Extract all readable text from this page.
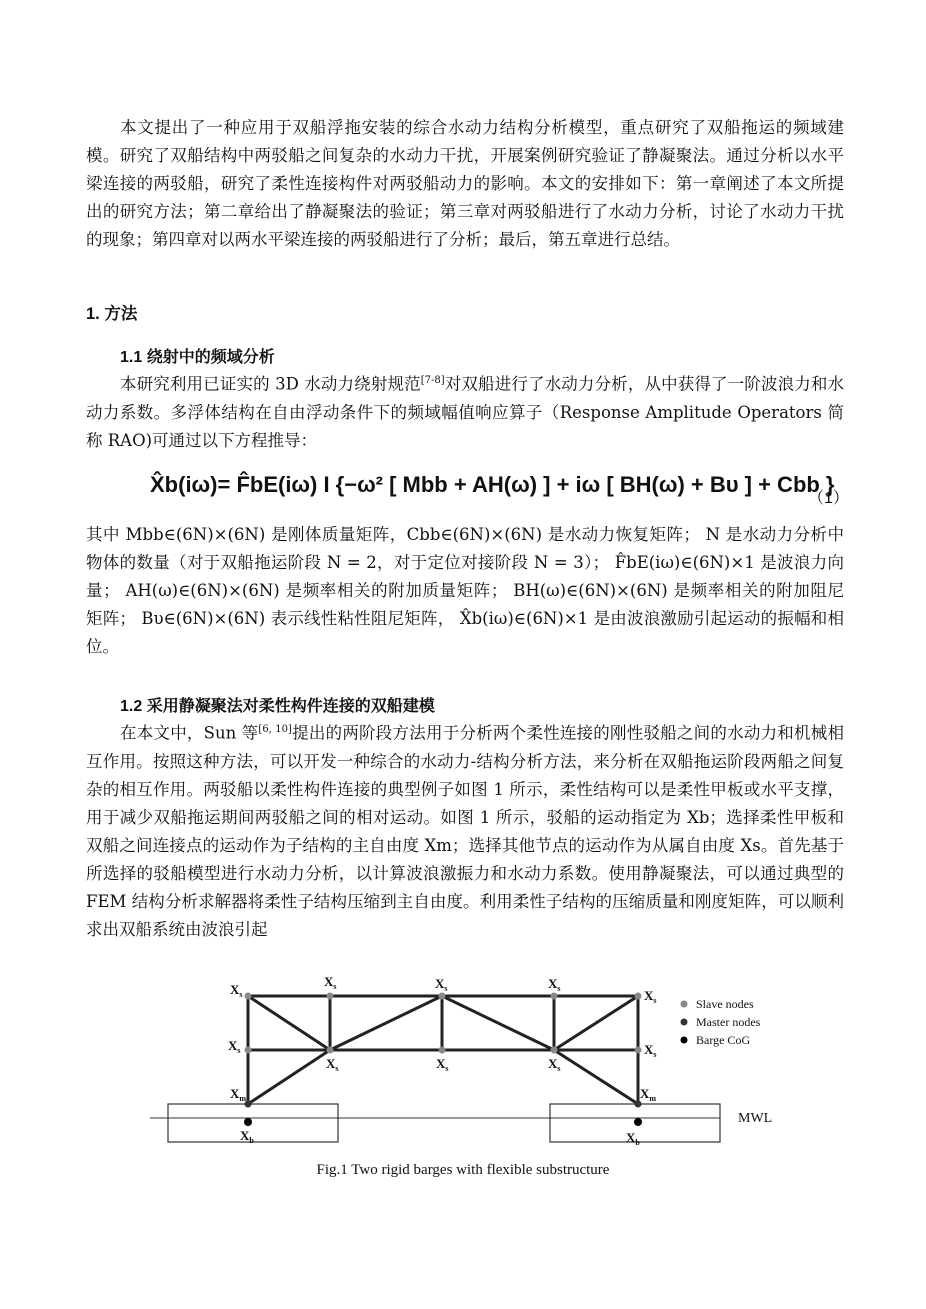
本文提出了一种应用于双船浮拖安装的综合水动力结构分析模型，重点研究了双船拖运的频域建模。研究了双船结构中两驳船之间复杂的水动力干扰，开展案例研究验证了静凝聚法。通过分析以水平梁连接的两驳船，研究了柔性连接构件对两驳船动力的影响。本文的安排如下：第一章阐述了本文所提出的研究方法；第二章给出了静凝聚法的验证；第三章对两驳船进行了水动力分析，讨论了水动力干扰的现象；第四章对以两水平梁连接的两驳船进行了分析；最后，第五章进行总结。
1. 方法
1.1 绕射中的频域分析
本研究利用已证实的 3D 水动力绕射规范[7-8]对双船进行了水动力分析，从中获得了一阶波浪力和水动力系数。多浮体结构在自由浮动条件下的频域幅值响应算子（Response Amplitude Operators 简称 RAO)可通过以下方程推导：
X̂b(iω)= F̂bE(iω) I {−ω² [ Mbb + AH(ω) ] + iω [ BH(ω) + Bυ ] + Cbb }
（1）
其中 Mbb∈(6N)×(6N) 是刚体质量矩阵，Cbb∈(6N)×(6N) 是水动力恢复矩阵； N 是水动力分析中物体的数量（对于双船拖运阶段 N = 2，对于定位对接阶段 N = 3）； F̂bE(iω)∈(6N)×1 是波浪力向量； AH(ω)∈(6N)×(6N) 是频率相关的附加质量矩阵； BH(ω)∈(6N)×(6N) 是频率相关的附加阻尼矩阵； Bυ∈(6N)×(6N) 表示线性粘性阻尼矩阵， X̂b(iω)∈(6N)×1 是由波浪激励引起运动的振幅和相位。
1.2 采用静凝聚法对柔性构件连接的双船建模
在本文中，Sun 等[6, 10]提出的两阶段方法用于分析两个柔性连接的刚性驳船之间的水动力和机械相互作用。按照这种方法，可以开发一种综合的水动力-结构分析方法，来分析在双船拖运阶段两船之间复杂的相互作用。两驳船以柔性构件连接的典型例子如图 1 所示，柔性结构可以是柔性甲板或水平支撑，用于减少双船拖运期间两驳船之间的相对运动。如图 1 所示，驳船的运动指定为 Xb；选择柔性甲板和双船之间连接点的运动作为子结构的主自由度 Xm；选择其他节点的运动作为从属自由度 Xs。首先基于所选择的驳船模型进行水动力分析，以计算波浪激振力和水动力系数。使用静凝聚法，可以通过典型的 FEM 结构分析求解器将柔性子结构压缩到主自由度。利用柔性子结构的压缩质量和刚度矩阵，可以顺利求出双船系统由波浪引起
$X_s$
$X_s$	$X_s$	$X_s$	$X_s$
$X_s$	$X_s$
$X_s$	$X_s$	$X_s$
$X_m$	$X_m$
$X_b$	$X_b$
MWL
Slave nodes
Master nodes
Barge CoG
Fig.1 Two rigid barges with flexible substructure
